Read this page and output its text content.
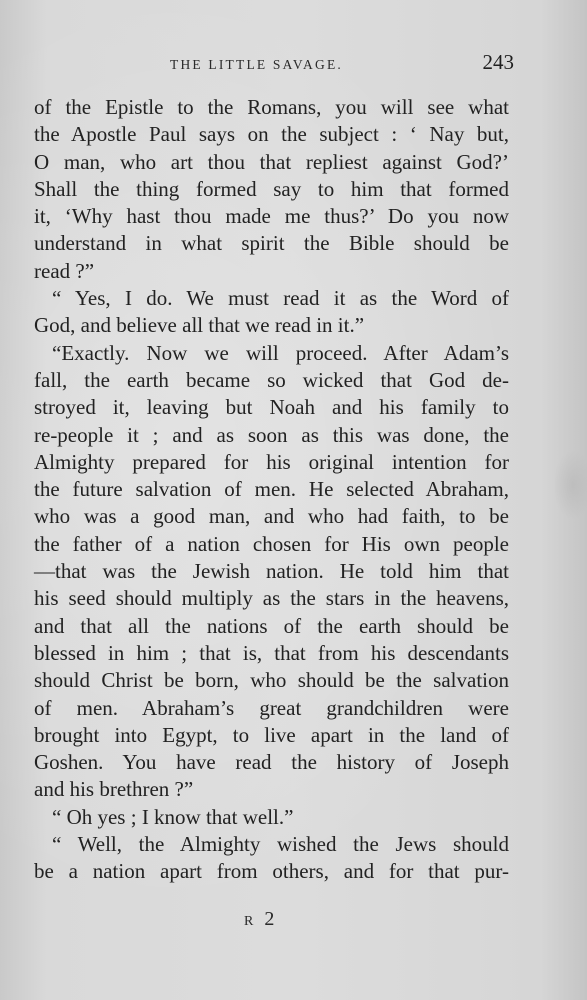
THE LITTLE SAVAGE.	243
of the Epistle to the Romans, you will see what
the Apostle Paul says on the subject : ‘ Nay but,
O man, who art thou that repliest against God?’
Shall the thing formed say to him that formed
it, ‘Why hast thou made me thus?’ Do you now
understand in what spirit the Bible should be
read ?”
“ Yes, I do. We must read it as the Word of
God, and believe all that we read in it.”
“Exactly. Now we will proceed. After Adam’s
fall, the earth became so wicked that God de-
stroyed it, leaving but Noah and his family to
re-people it ; and as soon as this was done, the
Almighty prepared for his original intention for
the future salvation of men. He selected Abraham,
who was a good man, and who had faith, to be
the father of a nation chosen for His own people
—that was the Jewish nation. He told him that
his seed should multiply as the stars in the heavens,
and that all the nations of the earth should be
blessed in him ; that is, that from his descendants
should Christ be born, who should be the salvation
of men. Abraham’s great grandchildren were
brought into Egypt, to live apart in the land of
Goshen. You have read the history of Joseph
and his brethren ?”
“ Oh yes ; I know that well.”
“ Well, the Almighty wished the Jews should
be a nation apart from others, and for that pur-
R 2
